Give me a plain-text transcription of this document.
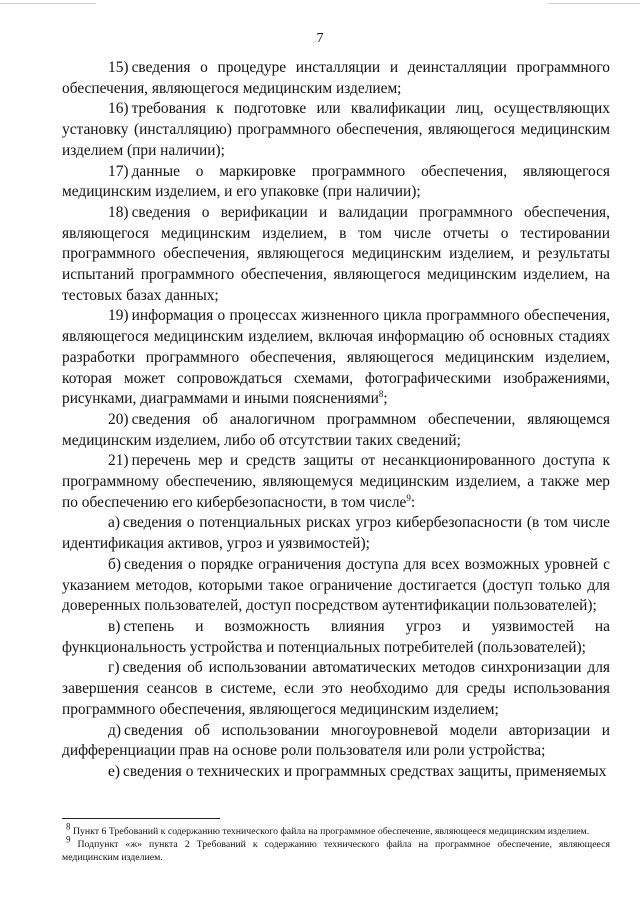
7

15) сведения о процедуре инсталляции и деинсталляции программного обеспечения, являющегося медицинским изделием;

16) требования к подготовке или квалификации лиц, осуществляющих установку (инсталляцию) программного обеспечения, являющегося медицинским изделием (при наличии);

17) данные о маркировке программного обеспечения, являющегося медицинским изделием, и его упаковке (при наличии);

18) сведения о верификации и валидации программного обеспечения, являющегося медицинским изделием, в том числе отчеты о тестировании программного обеспечения, являющегося медицинским изделием, и результаты испытаний программного обеспечения, являющегося медицинским изделием, на тестовых базах данных;

19) информация о процессах жизненного цикла программного обеспечения, являющегося медицинским изделием, включая информацию об основных стадиях разработки программного обеспечения, являющегося медицинским изделием, которая может сопровождаться схемами, фотографическими изображениями, рисунками, диаграммами и иными пояснениями$^8$;

20) сведения об аналогичном программном обеспечении, являющемся медицинским изделием, либо об отсутствии таких сведений;

21) перечень мер и средств защиты от несанкционированного доступа к программному обеспечению, являющемуся медицинским изделием, а также мер по обеспечению его кибербезопасности, в том числе$^9$:

а) сведения о потенциальных рисках угроз кибербезопасности (в том числе идентификация активов, угроз и уязвимостей);

б) сведения о порядке ограничения доступа для всех возможных уровней с указанием методов, которыми такое ограничение достигается (доступ только для доверенных пользователей, доступ посредством аутентификации пользователей);

в) степень и возможность влияния угроз и уязвимостей на функциональность устройства и потенциальных потребителей (пользователей);

г) сведения об использовании автоматических методов синхронизации для завершения сеансов в системе, если это необходимо для среды использования программного обеспечения, являющегося медицинским изделием;

д) сведения об использовании многоуровневой модели авторизации и дифференциации прав на основе роли пользователя или роли устройства;

е) сведения о технических и программных средствах защиты, применяемых

$^8$ Пункт 6 Требований к содержанию технического файла на программное обеспечение, являющееся медицинским изделием.

$^9$ Подпункт «ж» пункта 2 Требований к содержанию технического файла на программное обеспечение, являющееся медицинским изделием.
